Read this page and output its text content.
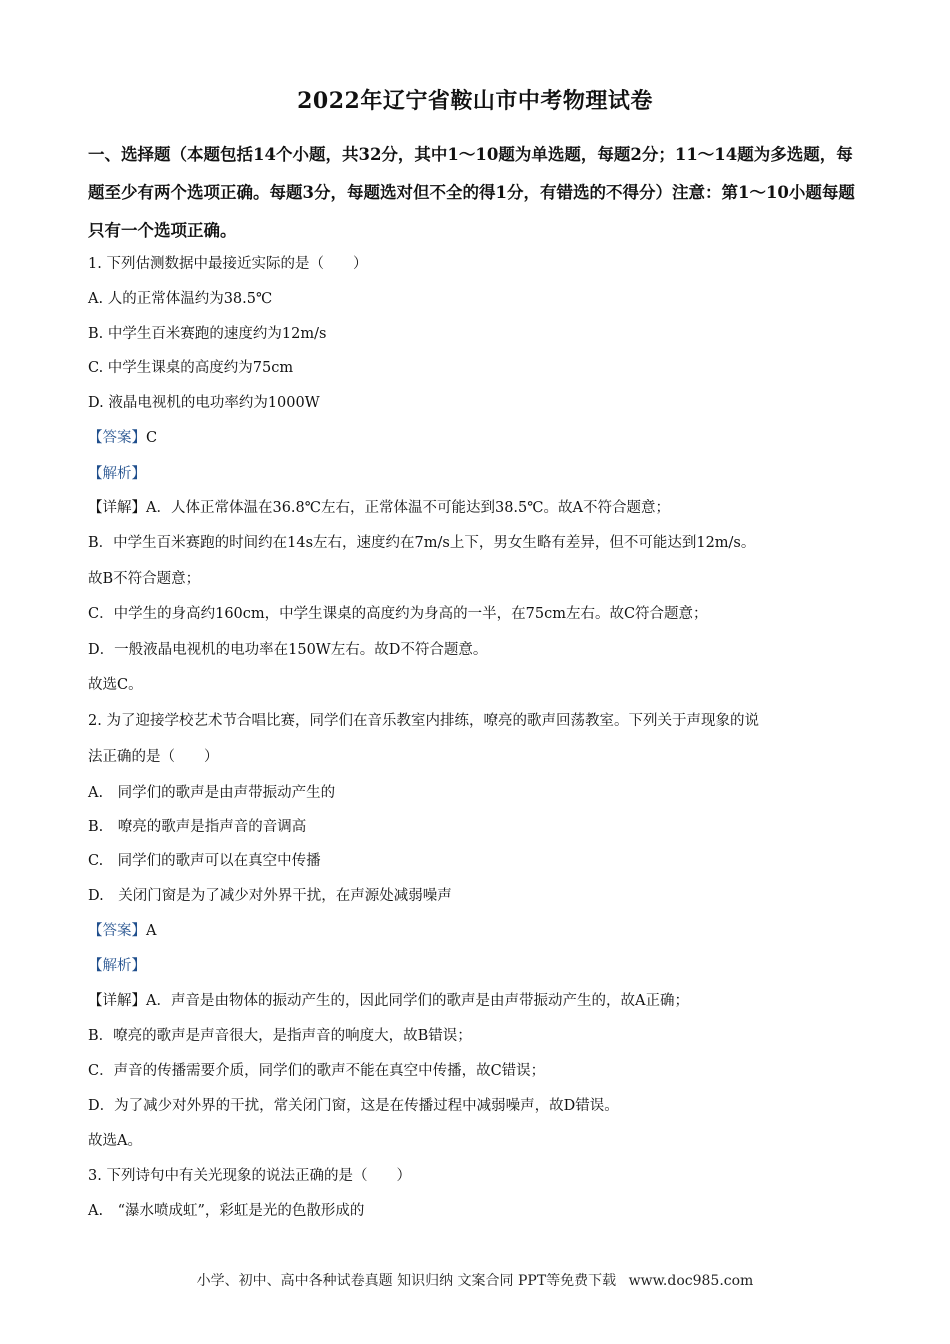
2022年辽宁省鞍山市中考物理试卷
一、选择题（本题包括14个小题，共32分，其中1～10题为单选题，每题2分；11～14题为多选题，每题至少有两个选项正确。每题3分，每题选对但不全的得1分，有错选的不得分）注意：第1～10小题每题只有一个选项正确。
1. 下列估测数据中最接近实际的是（　　）
A. 人的正常体温约为38.5℃
B. 中学生百米赛跑的速度约为12m/s
C. 中学生课桌的高度约为75cm
D. 液晶电视机的电功率约为1000W
【答案】C
【解析】
【详解】A．人体正常体温在36.8℃左右，正常体温不可能达到38.5℃。故A不符合题意；
B．中学生百米赛跑的时间约在14s左右，速度约在7m/s上下，男女生略有差异，但不可能达到12m/s。
故B不符合题意；
C．中学生的身高约160cm，中学生课桌的高度约为身高的一半，在75cm左右。故C符合题意；
D．一般液晶电视机的电功率在150W左右。故D不符合题意。
故选C。
2. 为了迎接学校艺术节合唱比赛，同学们在音乐教室内排练，嘹亮的歌声回荡教室。下列关于声现象的说
法正确的是（　　）
A.　同学们的歌声是由声带振动产生的
B.　嘹亮的歌声是指声音的音调高
C.　同学们的歌声可以在真空中传播
D.　关闭门窗是为了减少对外界干扰，在声源处减弱噪声
【答案】A
【解析】
【详解】A．声音是由物体的振动产生的，因此同学们的歌声是由声带振动产生的，故A正确；
B．嘹亮的歌声是声音很大，是指声音的响度大，故B错误；
C．声音的传播需要介质，同学们的歌声不能在真空中传播，故C错误；
D．为了减少对外界的干扰，常关闭门窗，这是在传播过程中减弱噪声，故D错误。
故选A。
3. 下列诗句中有关光现象的说法正确的是（　　）
A.　“瀑水喷成虹”，彩虹是光的色散形成的
小学、初中、高中各种试卷真题 知识归纳 文案合同 PPT等免费下载 www.doc985.com
